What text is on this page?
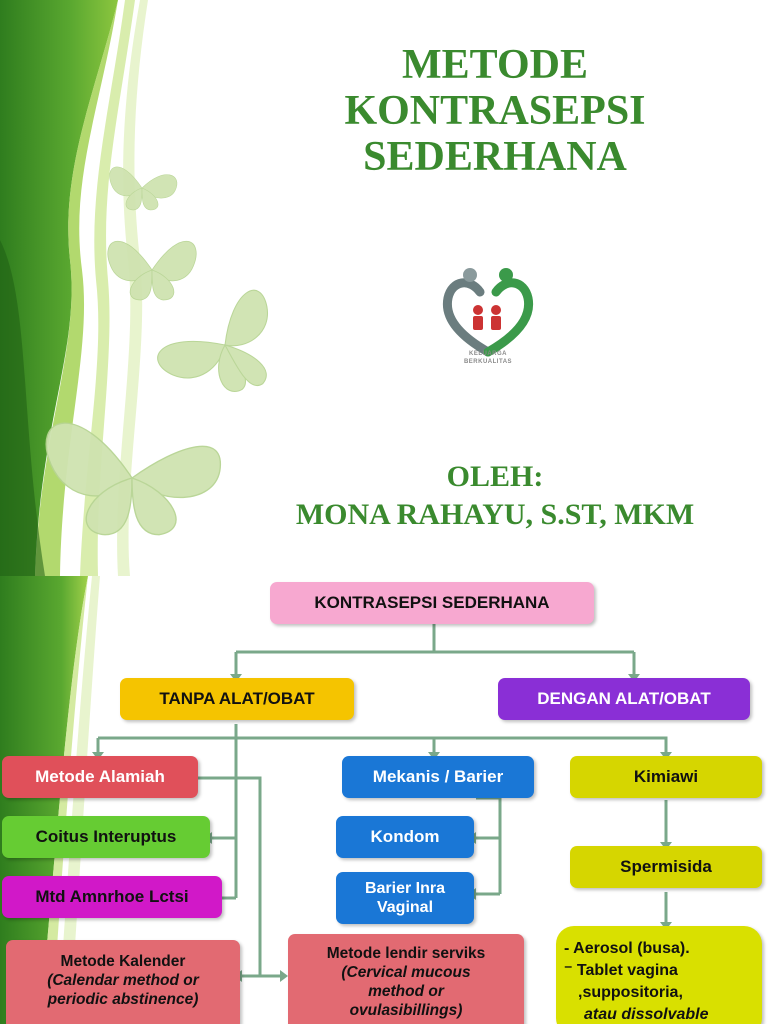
METODE
KONTRASEPSI
SEDERHANA
KELUARGA
BERKUALITAS
OLEH:
MONA RAHAYU, S.ST, MKM
KONTRASEPSI SEDERHANA
TANPA ALAT/OBAT	DENGAN ALAT/OBAT
Metode Alamiah
Coitus Interuptus
Mtd Amnrhoe Lctsi
Mekanis / Barier
Kondom
Barier Inra Vaginal
Kimiawi
Spermisida
Metode Kalender
(Calendar method or
periodic abstinence)
Metode lendir serviks
(Cervical mucous
method or
ovulasibillings)
- Aerosol (busa).
⁻ Tablet vagina
,suppositoria,
atau dissolvable
